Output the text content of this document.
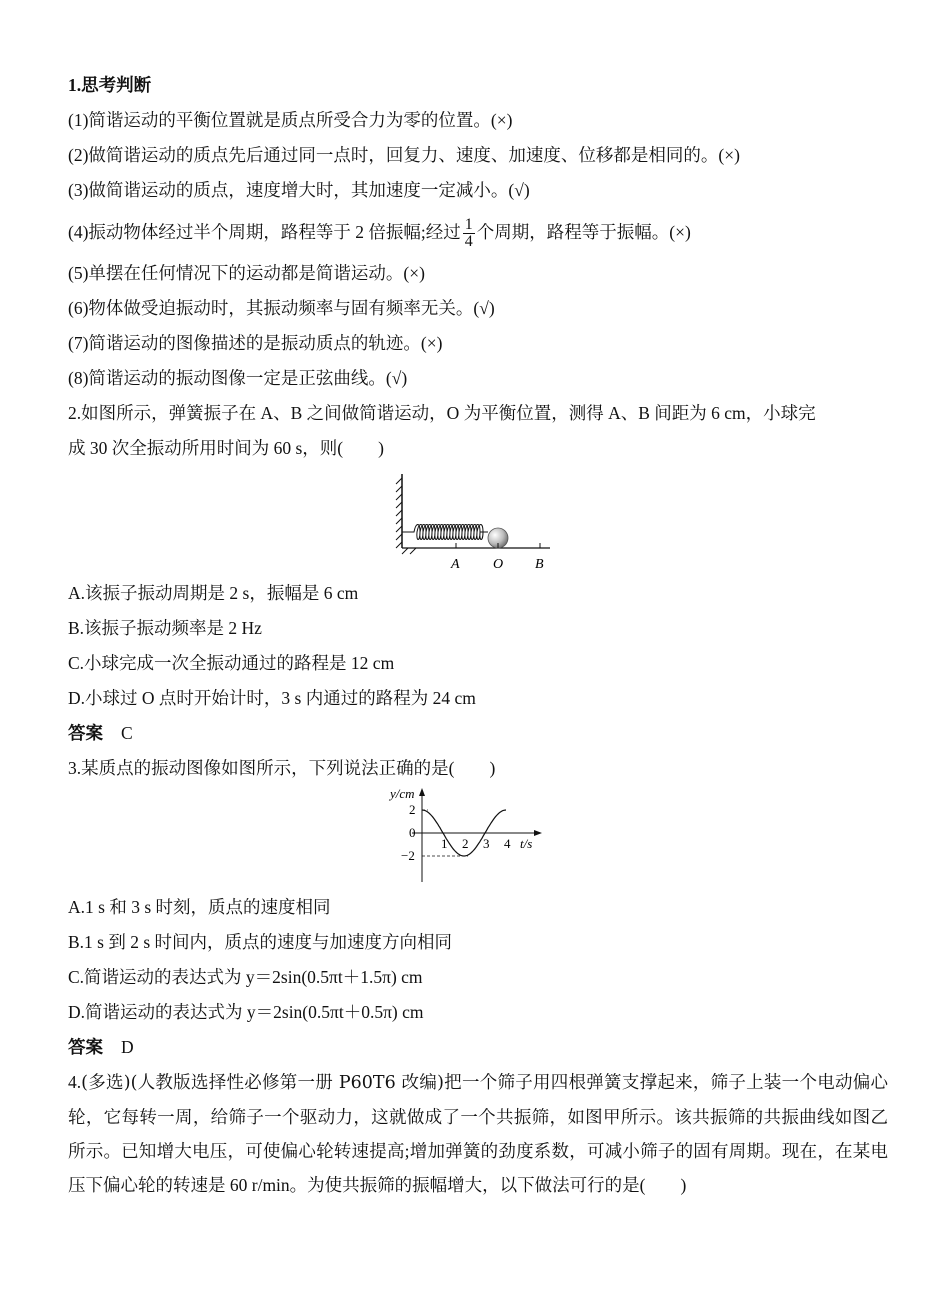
1.思考判断
(1)简谐运动的平衡位置就是质点所受合力为零的位置。(×)
(2)做简谐运动的质点先后通过同一点时，回复力、速度、加速度、位移都是相同的。(×)
(3)做简谐运动的质点，速度增大时，其加速度一定减小。(√)
(4)振动物体经过半个周期，路程等于 2 倍振幅;经过 $\frac{1}{4}$ 个周期，路程等于振幅。(×)
(5)单摆在任何情况下的运动都是简谐运动。(×)
(6)物体做受迫振动时，其振动频率与固有频率无关。(√)
(7)简谐运动的图像描述的是振动质点的轨迹。(×)
(8)简谐运动的振动图像一定是正弦曲线。(√)
2.如图所示，弹簧振子在 A、B 之间做简谐运动，O 为平衡位置，测得 A、B 间距为 6 cm，小球完
成 30 次全振动所用时间为 60 s，则(　　)
A O B
A.该振子振动周期是 2 s，振幅是 6 cm
B.该振子振动频率是 2 Hz
C.小球完成一次全振动通过的路程是 12 cm
D.小球过 O 点时开始计时，3 s 内通过的路程为 24 cm
答案 C
3.某质点的振动图像如图所示，下列说法正确的是(　　)
y/cm
2
0
−2
1 2 3 4 t/s
A.1 s 和 3 s 时刻，质点的速度相同
B.1 s 到 2 s 时间内，质点的速度与加速度方向相同
C.简谐运动的表达式为 y＝2sin(0.5πt＋1.5π) cm
D.简谐运动的表达式为 y＝2sin(0.5πt＋0.5π) cm
答案 D
4.(多选)(人教版选择性必修第一册 P60T6 改编)把一个筛子用四根弹簧支撑起来，筛子上装一个电动偏心轮，它每转一周，给筛子一个驱动力，这就做成了一个共振筛，如图甲所示。该共振筛的共振曲线如图乙所示。已知增大电压，可使偏心轮转速提高;增加弹簧的劲度系数，可减小筛子的固有周期。现在，在某电压下偏心轮的转速是 60 r/min。为使共振筛的振幅增大，以下做法可行的是(　　)
